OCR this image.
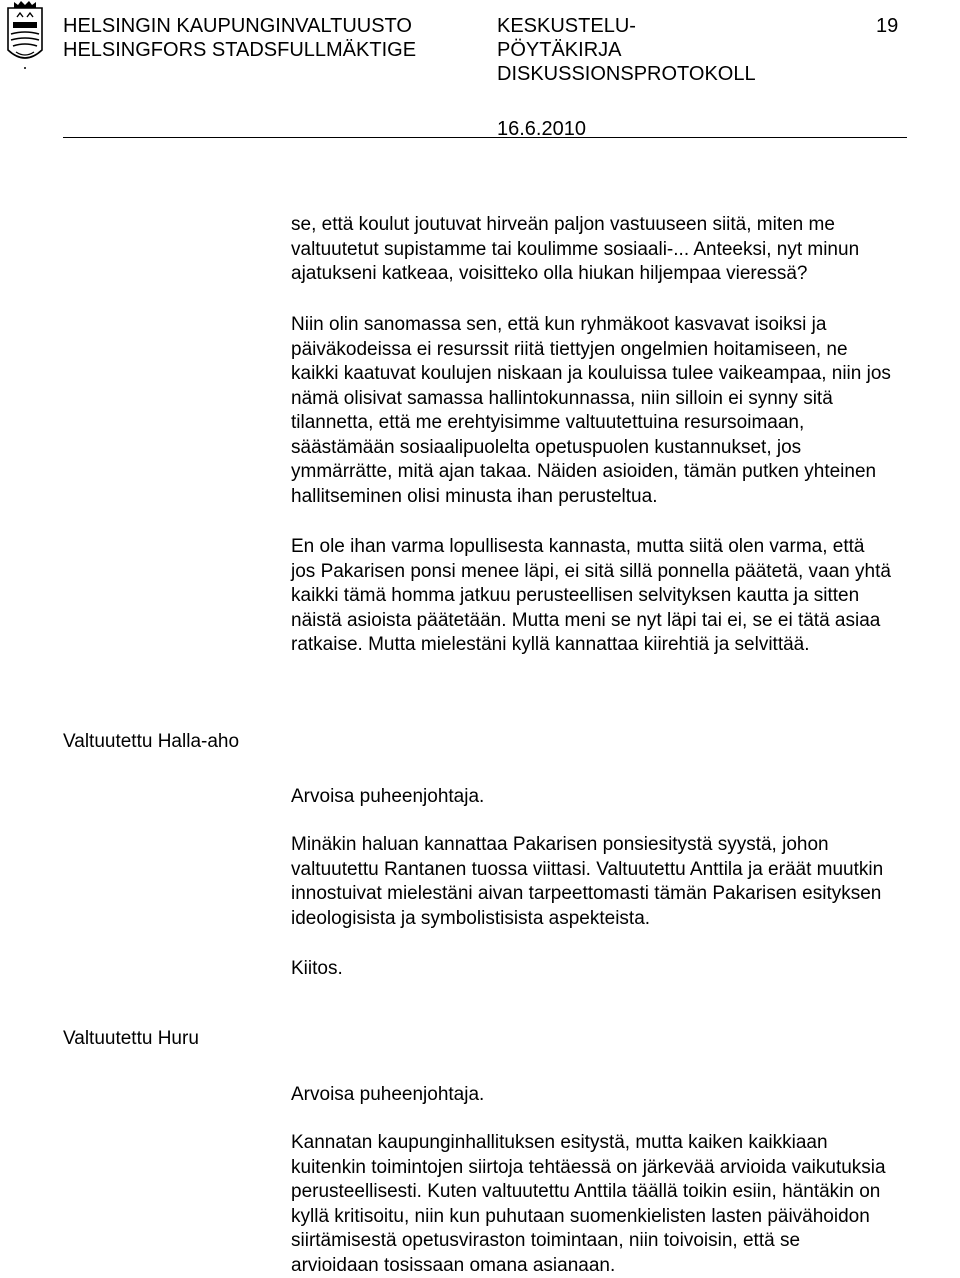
HELSINGIN KAUPUNGINVALTUUSTO
HELSINGFORS STADSFULLMÄKTIGE
KESKUSTELU-
PÖYTÄKIRJA
DISKUSSIONSPROTOKOLL
19
16.6.2010
se, että koulut joutuvat hirveän paljon vastuuseen siitä, miten me
valtuutetut supistamme tai koulimme sosiaali-... Anteeksi, nyt minun
ajatukseni katkeaa, voisitteko olla hiukan hiljempaa vieressä?
Niin olin sanomassa sen, että kun ryhmäkoot kasvavat isoiksi ja
päiväkodeissa ei resurssit riitä tiettyjen ongelmien hoitamiseen, ne
kaikki kaatuvat koulujen niskaan ja kouluissa tulee vaikeampaa, niin jos
nämä olisivat samassa hallintokunnassa, niin silloin ei synny sitä
tilannetta, että me erehtyisimme valtuutettuina resursoimaan,
säästämään sosiaalipuolelta opetuspuolen kustannukset, jos
ymmärrätte, mitä ajan takaa. Näiden asioiden, tämän putken yhteinen
hallitseminen olisi minusta ihan perusteltua.
En ole ihan varma lopullisesta kannasta, mutta siitä olen varma, että
jos Pakarisen ponsi menee läpi, ei sitä sillä ponnella päätetä, vaan yhtä
kaikki tämä homma jatkuu perusteellisen selvityksen kautta ja sitten
näistä asioista päätetään. Mutta meni se nyt läpi tai ei, se ei tätä asiaa
ratkaise. Mutta mielestäni kyllä kannattaa kiirehtiä ja selvittää.
Valtuutettu Halla-aho
Arvoisa puheenjohtaja.
Minäkin haluan kannattaa Pakarisen ponsiesitystä syystä, johon
valtuutettu Rantanen tuossa viittasi. Valtuutettu Anttila ja eräät muutkin
innostuivat mielestäni aivan tarpeettomasti tämän Pakarisen esityksen
ideologisista ja symbolistisista aspekteista.
Kiitos.
Valtuutettu Huru
Arvoisa puheenjohtaja.
Kannatan kaupunginhallituksen esitystä, mutta kaiken kaikkiaan
kuitenkin toimintojen siirtoja tehtäessä on järkevää arvioida vaikutuksia
perusteellisesti. Kuten valtuutettu Anttila täällä toikin esiin, häntäkin on
kyllä kritisoitu, niin kun puhutaan suomenkielisten lasten päivähoidon
siirtämisestä opetusviraston toimintaan, niin toivoisin, että se
arvioidaan tosissaan omana asianaan.
